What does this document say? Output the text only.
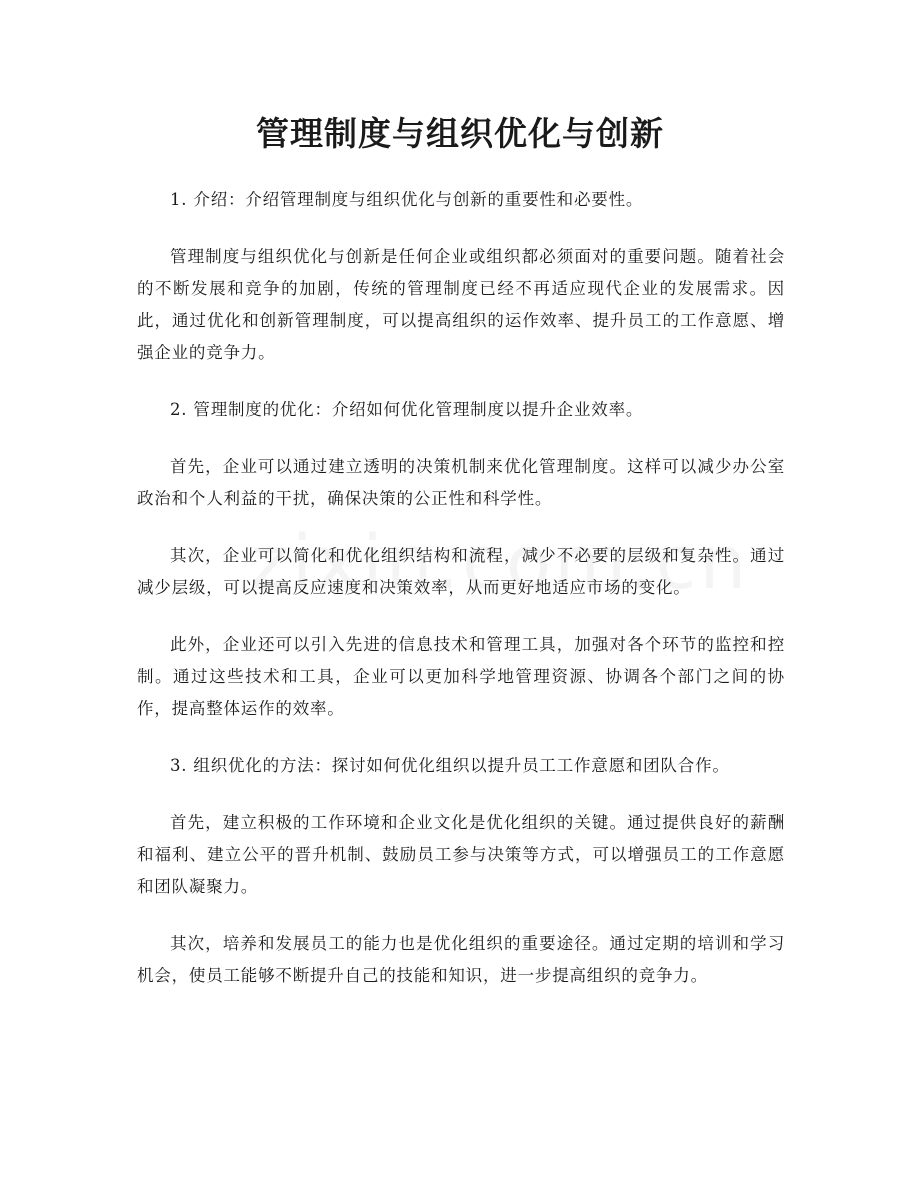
管理制度与组织优化与创新

1. 介绍：介绍管理制度与组织优化与创新的重要性和必要性。

管理制度与组织优化与创新是任何企业或组织都必须面对的重要问题。随着社会的不断发展和竞争的加剧，传统的管理制度已经不再适应现代企业的发展需求。因此，通过优化和创新管理制度，可以提高组织的运作效率、提升员工的工作意愿、增强企业的竞争力。

2. 管理制度的优化：介绍如何优化管理制度以提升企业效率。

首先，企业可以通过建立透明的决策机制来优化管理制度。这样可以减少办公室政治和个人利益的干扰，确保决策的公正性和科学性。

其次，企业可以简化和优化组织结构和流程，减少不必要的层级和复杂性。通过减少层级，可以提高反应速度和决策效率，从而更好地适应市场的变化。

此外，企业还可以引入先进的信息技术和管理工具，加强对各个环节的监控和控制。通过这些技术和工具，企业可以更加科学地管理资源、协调各个部门之间的协作，提高整体运作的效率。

3. 组织优化的方法：探讨如何优化组织以提升员工工作意愿和团队合作。

首先，建立积极的工作环境和企业文化是优化组织的关键。通过提供良好的薪酬和福利、建立公平的晋升机制、鼓励员工参与决策等方式，可以增强员工的工作意愿和团队凝聚力。

其次，培养和发展员工的能力也是优化组织的重要途径。通过定期的培训和学习机会，使员工能够不断提升自己的技能和知识，进一步提高组织的竞争力。
